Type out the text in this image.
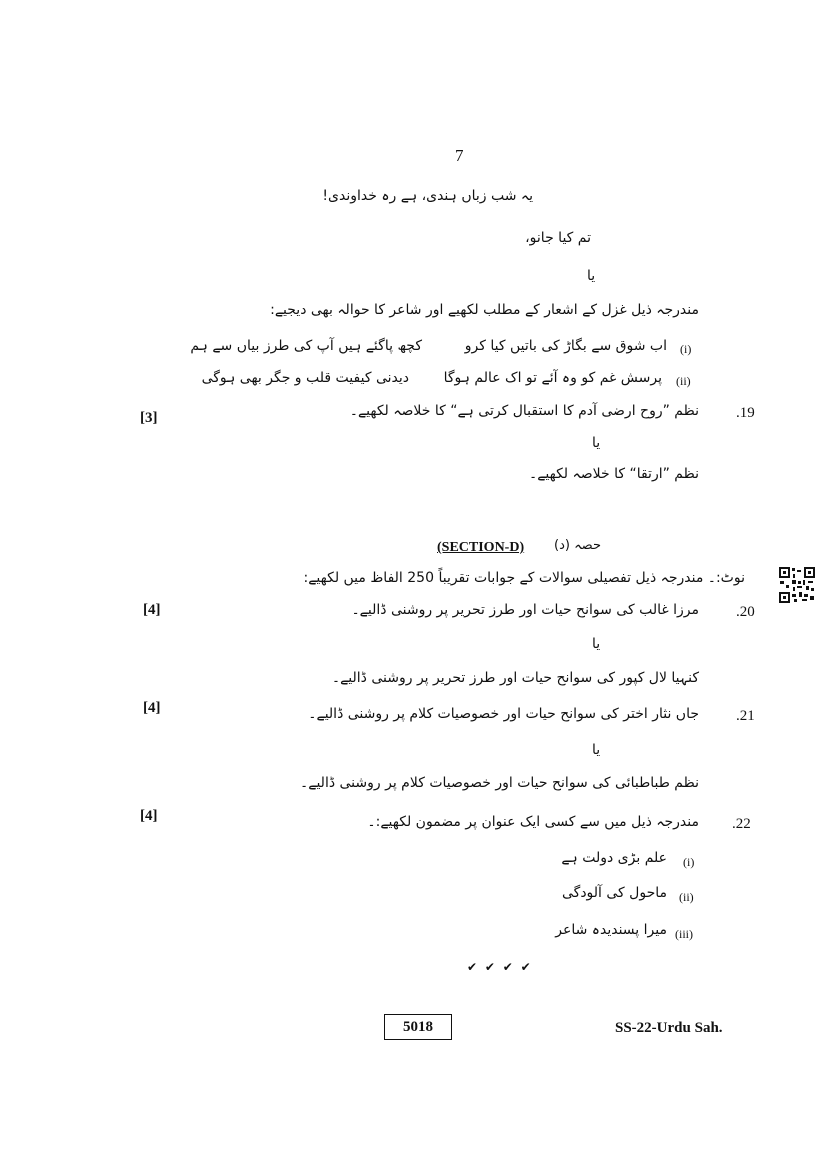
7
یہ شب زباں ہندی، ہے رہ خداوندی!
تم کیا جانو،
یا
مندرجہ ذیل غزل کے اشعار کے مطلب لکھیے اور شاعر کا حوالہ بھی دیجیے:
(i)
اب شوق سے بگاڑ کی باتیں کیا کرو
کچھ پاگئے ہیں آپ کی طرز بیاں سے ہم
(ii)
پرسش غم کو وہ آئے تو اک عالم ہوگا
دیدنی کیفیت قلب و جگر بھی ہوگی
.19
نظم ”روح ارضی آدم کا استقبال کرتی ہے“ کا خلاصہ لکھیے۔
[3]
یا
نظم ”ارتقا“ کا خلاصہ لکھیے۔
(SECTION-D) حصہ (د)
نوٹ:۔ مندرجہ ذیل تفصیلی سوالات کے جوابات تقریباً 250 الفاظ میں لکھیے:
.20
مرزا غالب کی سوانح حیات اور طرز تحریر پر روشنی ڈالیے۔
[4]
یا
کنہیا لال کپور کی سوانح حیات اور طرز تحریر پر روشنی ڈالیے۔
[4]	.21
جاں نثار اختر کی سوانح حیات اور خصوصیات کلام پر روشنی ڈالیے۔
یا
نظم طباطبائی کی سوانح حیات اور خصوصیات کلام پر روشنی ڈالیے۔
[4]	.22
مندرجہ ذیل میں سے کسی ایک عنوان پر مضمون لکھیے:۔
(i)
علم بڑی دولت ہے
(ii)
ماحول کی آلودگی
(iii)
میرا پسندیدہ شاعر
✔ ✔ ✔ ✔
5018	SS-22-Urdu Sah.
